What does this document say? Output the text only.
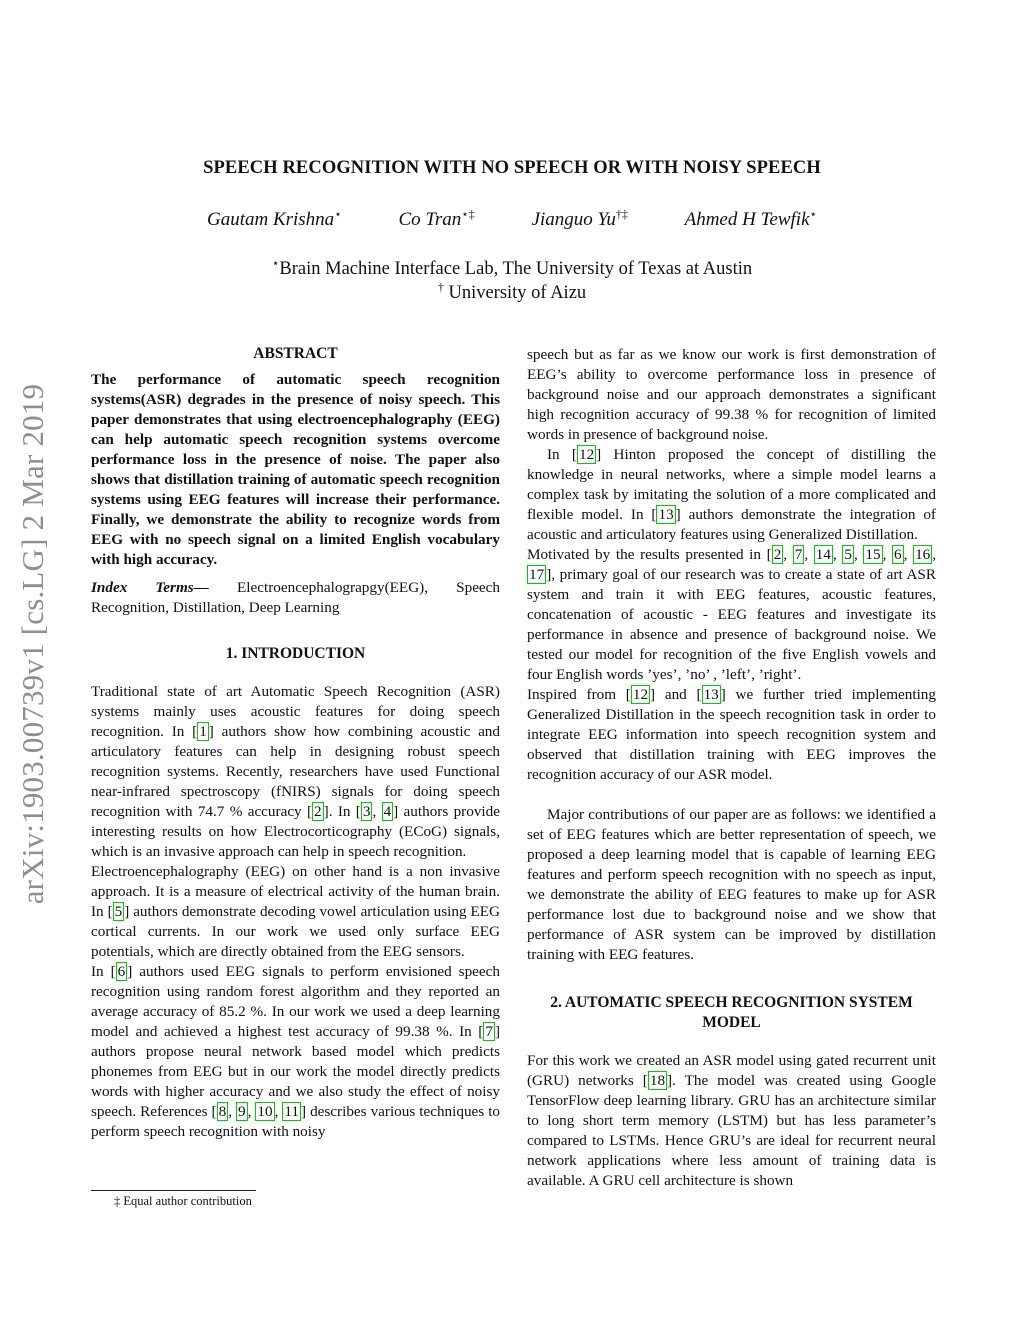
arXiv:1903.00739v1 [cs.LG] 2 Mar 2019
SPEECH RECOGNITION WITH NO SPEECH OR WITH NOISY SPEECH
Gautam Krishna⋆	Co Tran⋆‡	Jianguo Yu†‡	Ahmed H Tewfik⋆
⋆Brain Machine Interface Lab, The University of Texas at Austin
† University of Aizu

ABSTRACT

The performance of automatic speech recognition systems(ASR) degrades in the presence of noisy speech. This paper demonstrates that using electroencephalography (EEG) can help automatic speech recognition systems overcome performance loss in the presence of noise. The paper also shows that distillation training of automatic speech recognition systems using EEG features will increase their performance. Finally, we demonstrate the ability to recognize words from EEG with no speech signal on a limited English vocabulary with high accuracy.

Index Terms— Electroencephalograpgy(EEG), Speech Recognition, Distillation, Deep Learning

1. INTRODUCTION

Traditional state of art Automatic Speech Recognition (ASR) systems mainly uses acoustic features for doing speech recognition. In [ 1 ] authors show how combining acoustic and articulatory features can help in designing robust speech recognition systems. Recently, researchers have used Functional near-infrared spectroscopy (fNIRS) signals for doing speech recognition with 74.7 % accuracy [ 2 ]. In [ 3 , 4 ] authors provide interesting results on how Electrocorticography (ECoG) signals, which is an invasive approach can help in speech recognition.

Electroencephalography (EEG) on other hand is a non invasive approach. It is a measure of electrical activity of the human brain. In [ 5 ] authors demonstrate decoding vowel articulation using EEG cortical currents. In our work we used only surface EEG potentials, which are directly obtained from the EEG sensors.

In [ 6 ] authors used EEG signals to perform envisioned speech recognition using random forest algorithm and they reported an average accuracy of 85.2 %. In our work we used a deep learning model and achieved a highest test accuracy of 99.38 %. In [ 7 ] authors propose neural network based model which predicts phonemes from EEG but in our work the model directly predicts words with higher accuracy and we also study the effect of noisy speech. References [ 8 , 9 , 10 , 11 ] describes various techniques to perform speech recognition with noisy

‡ Equal author contribution

speech but as far as we know our work is first demonstration of EEG’s ability to overcome performance loss in presence of background noise and our approach demonstrates a significant high recognition accuracy of 99.38 % for recognition of limited words in presence of background noise.

In [ 12 ] Hinton proposed the concept of distilling the knowledge in neural networks, where a simple model learns a complex task by imitating the solution of a more complicated and flexible model. In [ 13 ] authors demonstrate the integration of acoustic and articulatory features using Generalized Distillation.

Motivated by the results presented in [ 2 , 7 , 14 , 5 , 15 , 6 , 16 , 17 ], primary goal of our research was to create a state of art ASR system and train it with EEG features, acoustic features, concatenation of acoustic - EEG features and investigate its performance in absence and presence of background noise. We tested our model for recognition of the five English vowels and four English words ’yes’, ’no’ , ’left’, ’right’.

Inspired from [ 12 ] and [ 13 ] we further tried implementing Generalized Distillation in the speech recognition task in order to integrate EEG information into speech recognition system and observed that distillation training with EEG improves the recognition accuracy of our ASR model.

Major contributions of our paper are as follows: we identified a set of EEG features which are better representation of speech, we proposed a deep learning model that is capable of learning EEG features and perform speech recognition with no speech as input, we demonstrate the ability of EEG features to make up for ASR performance lost due to background noise and we show that performance of ASR system can be improved by distillation training with EEG features.

2. AUTOMATIC SPEECH RECOGNITION SYSTEM
MODEL

For this work we created an ASR model using gated recurrent unit (GRU) networks [ 18 ]. The model was created using Google TensorFlow deep learning library. GRU has an architecture similar to long short term memory (LSTM) but has less parameter’s compared to LSTMs. Hence GRU’s are ideal for recurrent neural network applications where less amount of training data is available. A GRU cell architecture is shown
